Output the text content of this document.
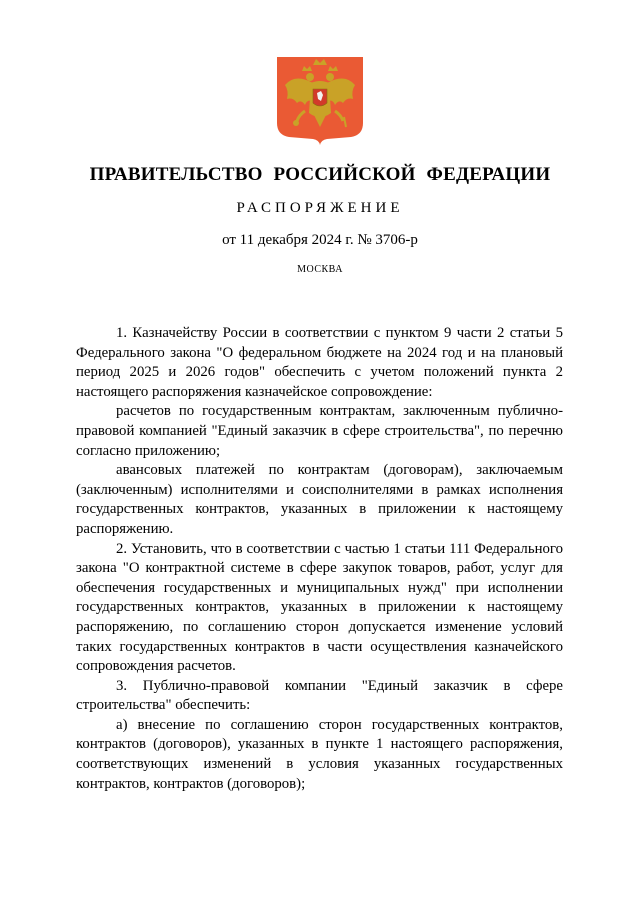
ПРАВИТЕЛЬСТВО РОССИЙСКОЙ ФЕДЕРАЦИИ
РАСПОРЯЖЕНИЕ
от 11 декабря 2024 г. № 3706-р
МОСКВА

1. Казначейству России в соответствии с пунктом 9 части 2 статьи 5 Федерального закона "О федеральном бюджете на 2024 год и на плановый период 2025 и 2026 годов" обеспечить с учетом положений пункта 2 настоящего распоряжения казначейское сопровождение:

расчетов по государственным контрактам, заключенным публично-правовой компанией "Единый заказчик в сфере строительства", по перечню согласно приложению;

авансовых платежей по контрактам (договорам), заключаемым (заключенным) исполнителями и соисполнителями в рамках исполнения государственных контрактов, указанных в приложении к настоящему распоряжению.

2. Установить, что в соответствии с частью 1 статьи 111 Федерального закона "О контрактной системе в сфере закупок товаров, работ, услуг для обеспечения государственных и муниципальных нужд" при исполнении государственных контрактов, указанных в приложении к настоящему распоряжению, по соглашению сторон допускается изменение условий таких государственных контрактов в части осуществления казначейского сопровождения расчетов.

3. Публично-правовой компании "Единый заказчик в сфере строительства" обеспечить:

а) внесение по соглашению сторон государственных контрактов, контрактов (договоров), указанных в пункте 1 настоящего распоряжения, соответствующих изменений в условия указанных государственных контрактов, контрактов (договоров);
